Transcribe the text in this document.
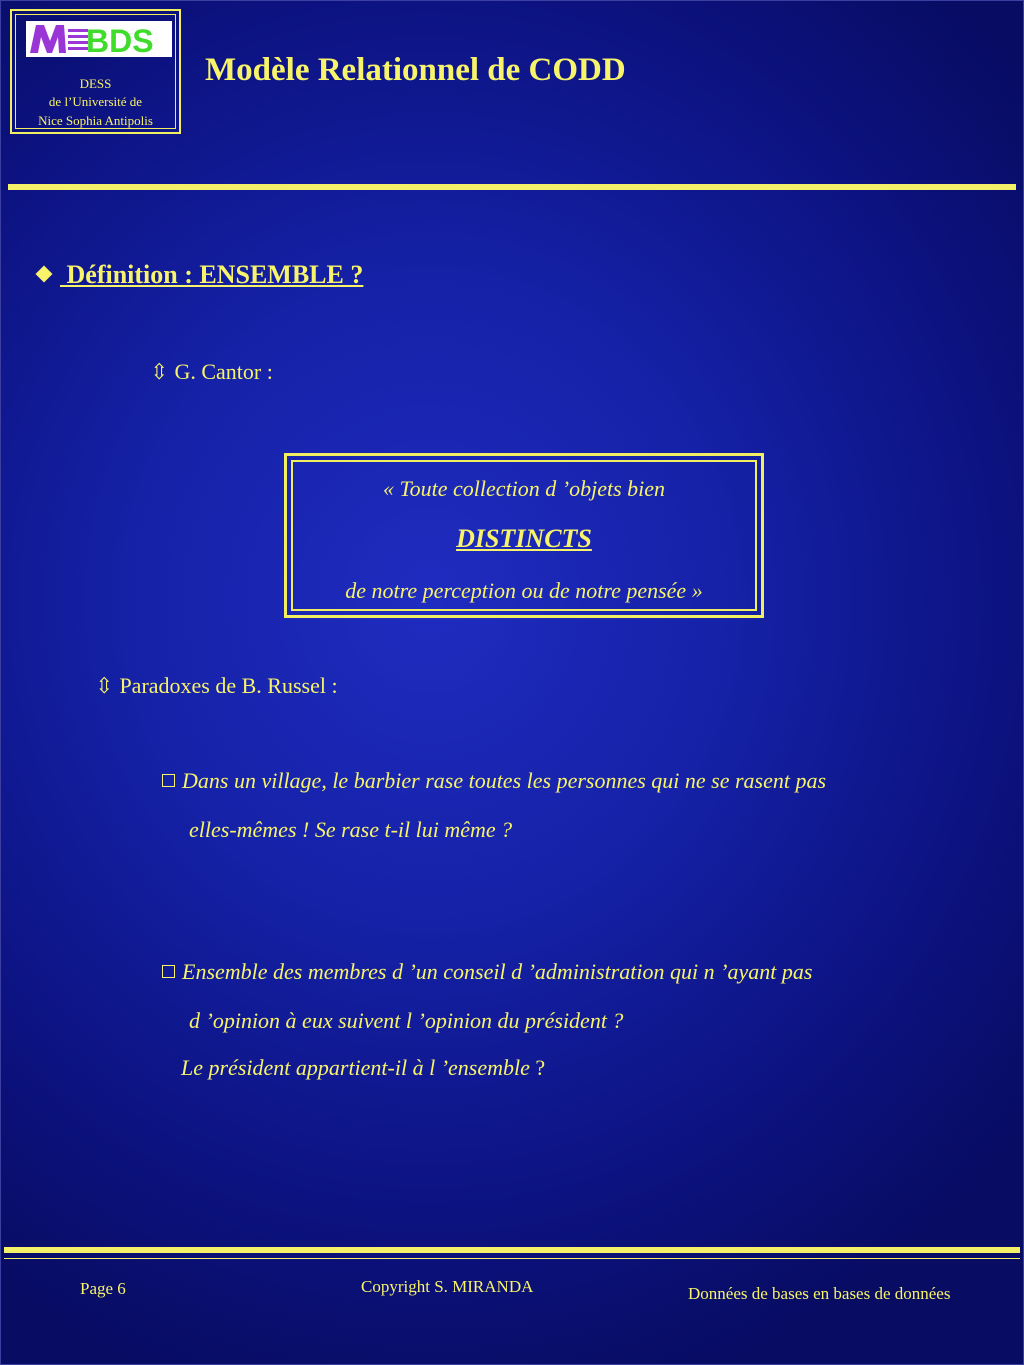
BDS
DESS
de l’Université de
Nice Sophia Antipolis
Modèle Relationnel de CODD
Définition : ENSEMBLE ?
⇳ G. Cantor :
« Toute collection d ’objets bien
DISTINCTS
de notre perception ou de notre pensée »
⇳ Paradoxes de B. Russel :
Dans un village, le barbier rase toutes les personnes qui ne se rasent pas
elles-mêmes ! Se rase t-il lui même ?
Ensemble des membres d ’un conseil d ’administration qui n ’ayant pas
d ’opinion à eux suivent l ’opinion du président ?
Le président appartient-il à l ’ensemble ?
Page 6	Copyright S. MIRANDA	Données de bases en bases de données
